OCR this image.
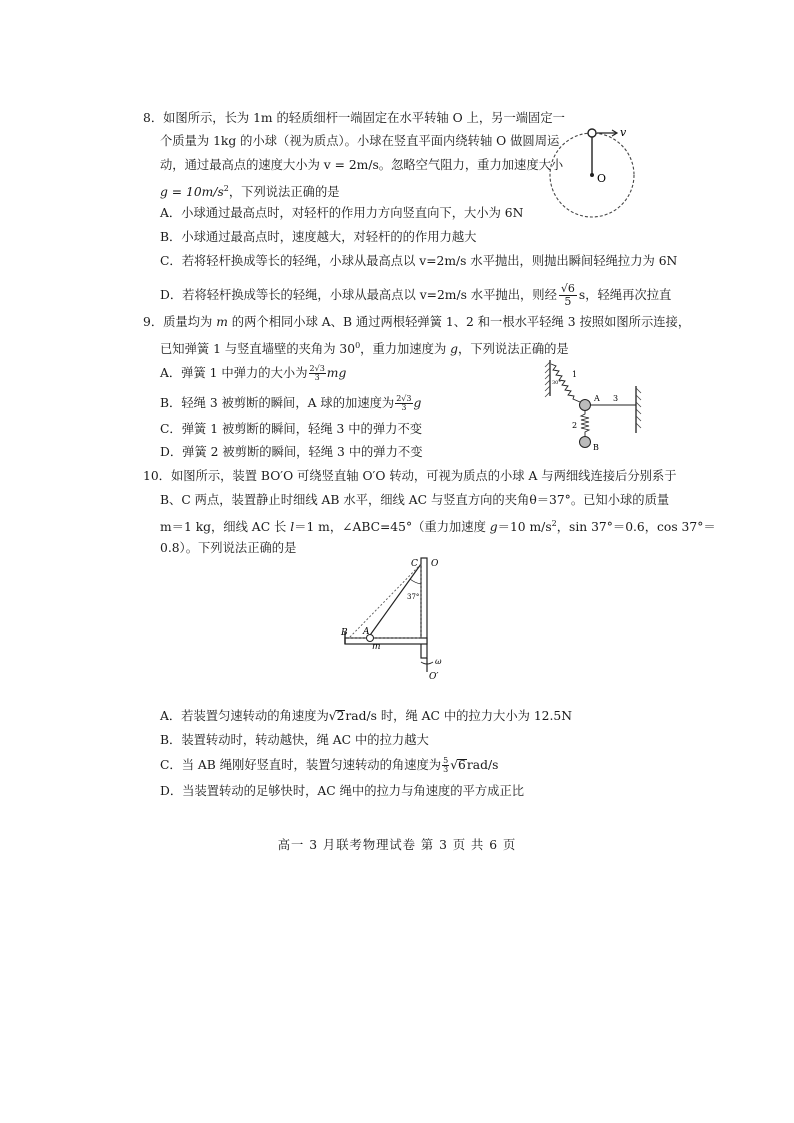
8．如图所示，长为 1m 的轻质细杆一端固定在水平转轴 O 上，另一端固定一
个质量为 1kg 的小球（视为质点）。小球在竖直平面内绕转轴 O 做圆周运
动，通过最高点的速度大小为 v = 2m/s。忽略空气阻力，重力加速度大小
$g = 10m/s^2$，下列说法正确的是
A．小球通过最高点时，对轻杆的作用力方向竖直向下，大小为 6N
B．小球通过最高点时，速度越大，对轻杆的的作用力越大
C．若将轻杆换成等长的轻绳，小球从最高点以 v=2m/s 水平抛出，则抛出瞬间轻绳拉力为 6N
D．若将轻杆换成等长的轻绳，小球从最高点以 v=2m/s 水平抛出，则经 $\frac{√6}{5}$ s，轻绳再次拉直
v
O
9．质量均为 m 的两个相同小球 A、B 通过两根轻弹簧 1、2 和一根水平轻绳 3 按照如图所示连接，
已知弹簧 1 与竖直墙壁的夹角为 $30^0$，重力加速度为 g，下列说法正确的是
A．弹簧 1 中弹力的大小为 $\frac{2√3}{3}$ mg
B．轻绳 3 被剪断的瞬间，A 球的加速度为 $\frac{2√3}{3}$ g
C．弹簧 1 被剪断的瞬间，轻绳 3 中的弹力不变
D．弹簧 2 被剪断的瞬间，轻绳 3 中的弹力不变
1
30°
A 3
2
B
10．如图所示，装置 BO′O 可绕竖直轴 O′O 转动，可视为质点的小球 A 与两细线连接后分别系于
B、C 两点，装置静止时细线 AB 水平，细线 AC 与竖直方向的夹角θ＝37°。已知小球的质量
m＝1 kg，细线 AC 长 l＝1 m，∠ABC=45°（重力加速度 g＝10 $m/s^2$，sin 37°＝0.6，cos 37°＝
0.8）。下列说法正确的是
C O
37°
B A
m
ω
O′
A．若装置匀速转动的角速度为√2rad/s 时，绳 AC 中的拉力大小为 12.5N
B．装置转动时，转动越快，绳 AC 中的拉力越大
C．当 AB 绳刚好竖直时，装置匀速转动的角速度为 $\frac{5}{3} √6rad/s$
D．当装置转动的足够快时，AC 绳中的拉力与角速度的平方成正比
高一 3 月联考物理试卷 第 3 页 共 6 页
